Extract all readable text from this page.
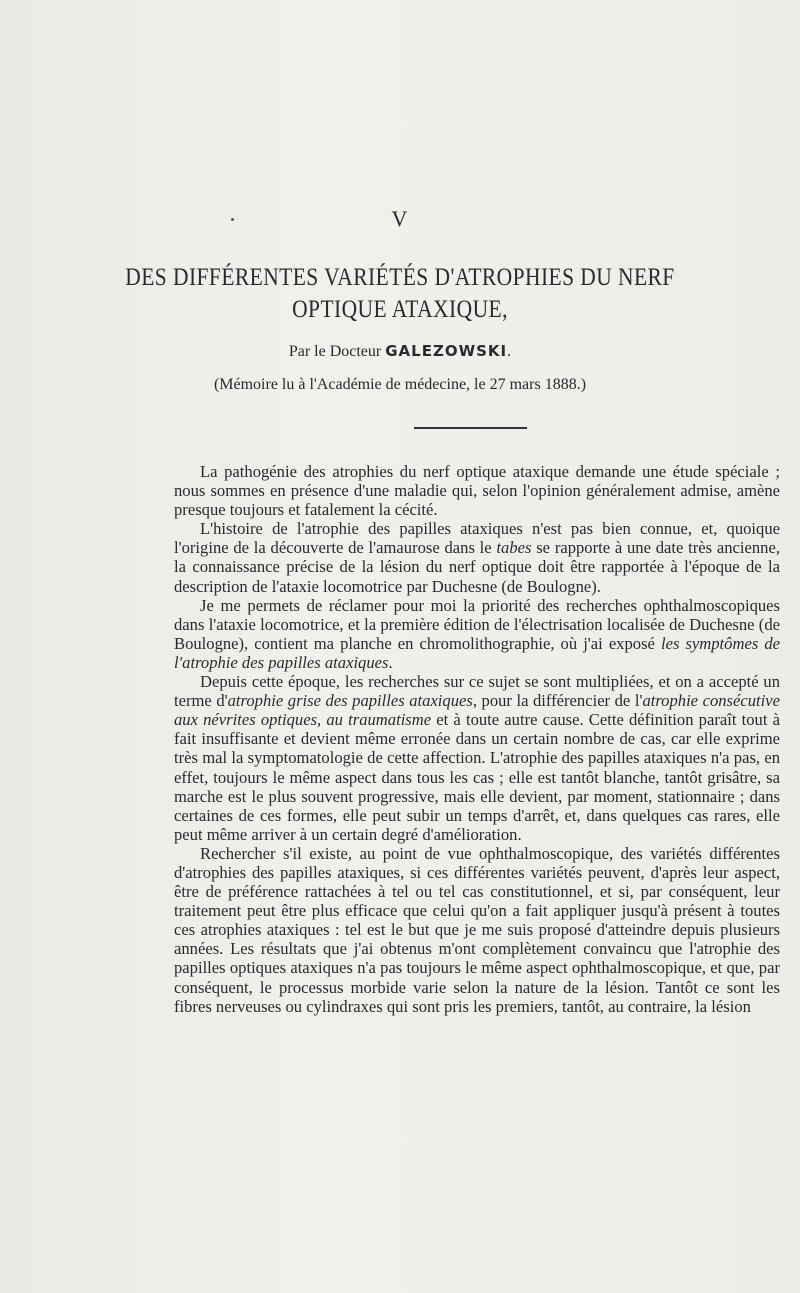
V
DES DIFFÉRENTES VARIÉTÉS D'ATROPHIES DU NERF
OPTIQUE ATAXIQUE,
Par le Docteur GALEZOWSKI.
(Mémoire lu à l'Académie de médecine, le 27 mars 1888.)

La pathogénie des atrophies du nerf optique ataxique demande une étude spéciale ; nous sommes en présence d'une maladie qui, selon l'opinion généralement admise, amène presque toujours et fatalement la cécité.

L'histoire de l'atrophie des papilles ataxiques n'est pas bien connue, et, quoique l'origine de la découverte de l'amaurose dans le tabes se rapporte à une date très ancienne, la connaissance précise de la lésion du nerf optique doit être rapportée à l'époque de la description de l'ataxie locomotrice par Duchesne (de Boulogne).

Je me permets de réclamer pour moi la priorité des recherches ophthalmoscopiques dans l'ataxie locomotrice, et la première édition de l'électrisation localisée de Duchesne (de Boulogne), contient ma planche en chromolithographie, où j'ai exposé les symptômes de l'atrophie des papilles ataxiques.

Depuis cette époque, les recherches sur ce sujet se sont multipliées, et on a accepté un terme d'atrophie grise des papilles ataxiques, pour la différencier de l'atrophie consécutive aux névrites optiques, au traumatisme et à toute autre cause. Cette définition paraît tout à fait insuffisante et devient même erronée dans un certain nombre de cas, car elle exprime très mal la symptomatologie de cette affection. L'atrophie des papilles ataxiques n'a pas, en effet, toujours le même aspect dans tous les cas ; elle est tantôt blanche, tantôt grisâtre, sa marche est le plus souvent progressive, mais elle devient, par moment, stationnaire ; dans certaines de ces formes, elle peut subir un temps d'arrêt, et, dans quelques cas rares, elle peut même arriver à un certain degré d'amélioration.

Rechercher s'il existe, au point de vue ophthalmoscopique, des variétés différentes d'atrophies des papilles ataxiques, si ces différentes variétés peuvent, d'après leur aspect, être de préférence rattachées à tel ou tel cas constitutionnel, et si, par conséquent, leur traitement peut être plus efficace que celui qu'on a fait appliquer jusqu'à présent à toutes ces atrophies ataxiques : tel est le but que je me suis proposé d'atteindre depuis plusieurs années. Les résultats que j'ai obtenus m'ont complètement convaincu que l'atrophie des papilles optiques ataxiques n'a pas toujours le même aspect ophthalmoscopique, et que, par conséquent, le processus morbide varie selon la nature de la lésion. Tantôt ce sont les fibres nerveuses ou cylindraxes qui sont pris les premiers, tantôt, au contraire, la lésion
